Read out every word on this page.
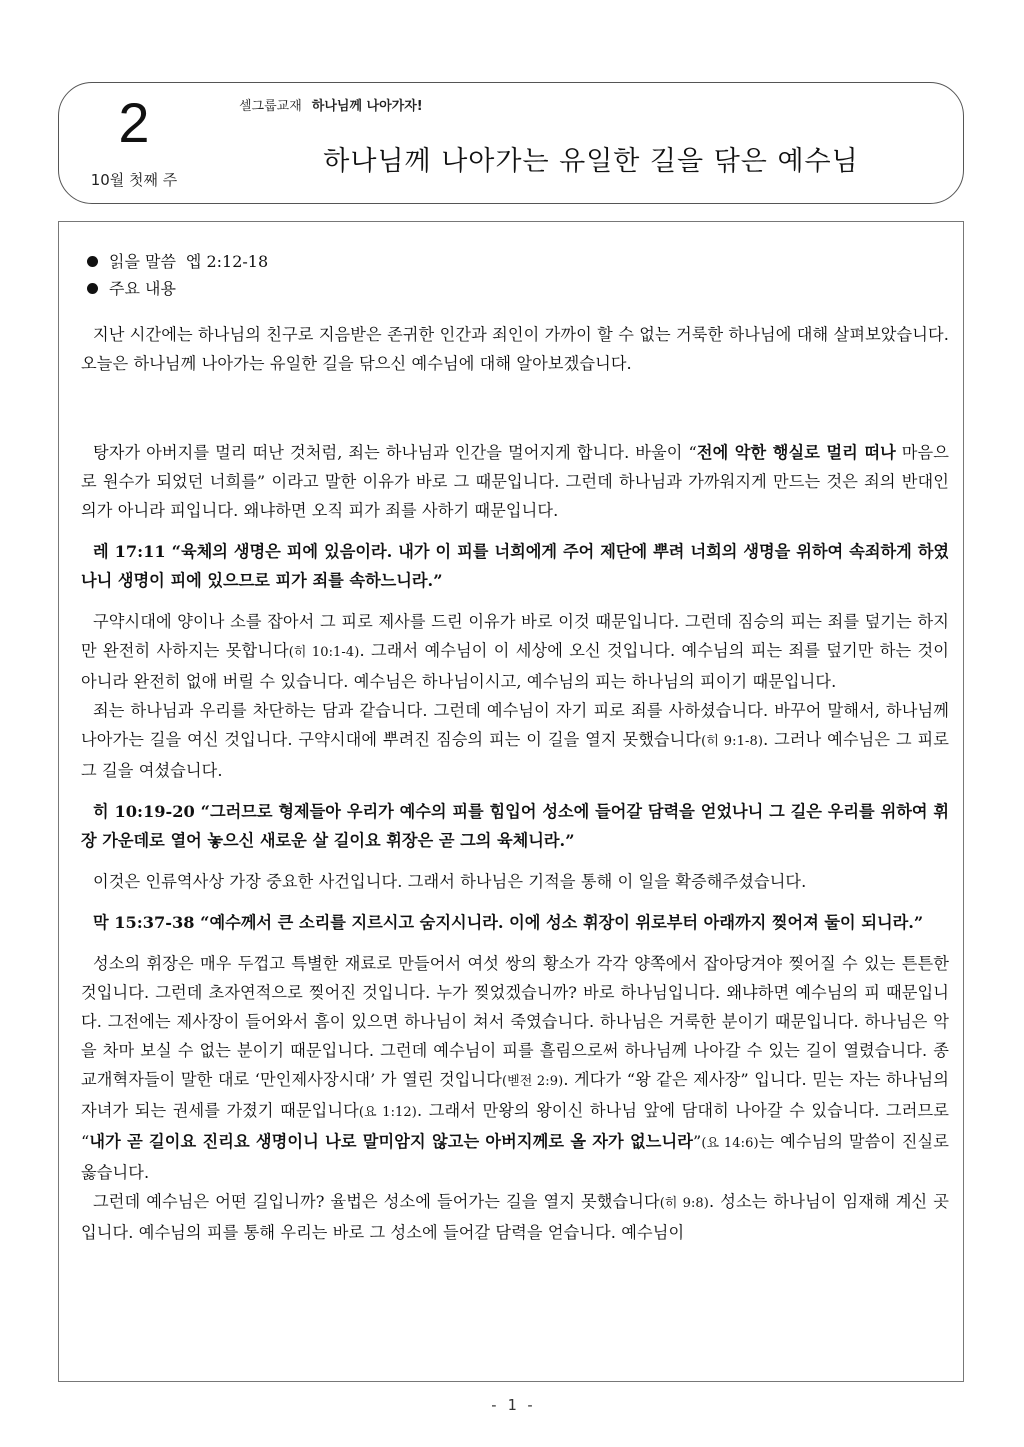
2
10월 첫째 주
셀그룹교재 하나님께 나아가자!
하나님께 나아가는 유일한 길을 닦은 예수님
읽을 말씀 엡 2:12-18
주요 내용

지난 시간에는 하나님의 친구로 지음받은 존귀한 인간과 죄인이 가까이 할 수 없는 거룩한 하나님에 대해 살펴보았습니다. 오늘은 하나님께 나아가는 유일한 길을 닦으신 예수님에 대해 알아보겠습니다.

탕자가 아버지를 멀리 떠난 것처럼, 죄는 하나님과 인간을 멀어지게 합니다. 바울이 “전에 악한 행실로 멀리 떠나 마음으로 원수가 되었던 너희를” 이라고 말한 이유가 바로 그 때문입니다. 그런데 하나님과 가까워지게 만드는 것은 죄의 반대인 의가 아니라 피입니다. 왜냐하면 오직 피가 죄를 사하기 때문입니다.

레 17:11 “육체의 생명은 피에 있음이라. 내가 이 피를 너희에게 주어 제단에 뿌려 너희의 생명을 위하여 속죄하게 하였나니 생명이 피에 있으므로 피가 죄를 속하느니라.”

구약시대에 양이나 소를 잡아서 그 피로 제사를 드린 이유가 바로 이것 때문입니다. 그런데 짐승의 피는 죄를 덮기는 하지만 완전히 사하지는 못합니다(히 10:1-4). 그래서 예수님이 이 세상에 오신 것입니다. 예수님의 피는 죄를 덮기만 하는 것이 아니라 완전히 없애 버릴 수 있습니다. 예수님은 하나님이시고, 예수님의 피는 하나님의 피이기 때문입니다.

죄는 하나님과 우리를 차단하는 담과 같습니다. 그런데 예수님이 자기 피로 죄를 사하셨습니다. 바꾸어 말해서, 하나님께 나아가는 길을 여신 것입니다. 구약시대에 뿌려진 짐승의 피는 이 길을 열지 못했습니다(히 9:1-8). 그러나 예수님은 그 피로 그 길을 여셨습니다.

히 10:19-20 “그러므로 형제들아 우리가 예수의 피를 힘입어 성소에 들어갈 담력을 얻었나니 그 길은 우리를 위하여 휘장 가운데로 열어 놓으신 새로운 살 길이요 휘장은 곧 그의 육체니라.”

이것은 인류역사상 가장 중요한 사건입니다. 그래서 하나님은 기적을 통해 이 일을 확증해주셨습니다.

막 15:37-38 “예수께서 큰 소리를 지르시고 숨지시니라. 이에 성소 휘장이 위로부터 아래까지 찢어져 둘이 되니라.”

성소의 휘장은 매우 두껍고 특별한 재료로 만들어서 여섯 쌍의 황소가 각각 양쪽에서 잡아당겨야 찢어질 수 있는 튼튼한 것입니다. 그런데 초자연적으로 찢어진 것입니다. 누가 찢었겠습니까? 바로 하나님입니다. 왜냐하면 예수님의 피 때문입니다. 그전에는 제사장이 들어와서 흠이 있으면 하나님이 쳐서 죽였습니다. 하나님은 거룩한 분이기 때문입니다. 하나님은 악을 차마 보실 수 없는 분이기 때문입니다. 그런데 예수님이 피를 흘림으로써 하나님께 나아갈 수 있는 길이 열렸습니다. 종교개혁자들이 말한 대로 ‘만인제사장시대’ 가 열린 것입니다(벧전 2:9). 게다가 “왕 같은 제사장” 입니다. 믿는 자는 하나님의 자녀가 되는 권세를 가졌기 때문입니다(요 1:12). 그래서 만왕의 왕이신 하나님 앞에 담대히 나아갈 수 있습니다. 그러므로 “내가 곧 길이요 진리요 생명이니 나로 말미암지 않고는 아버지께로 올 자가 없느니라”(요 14:6)는 예수님의 말씀이 진실로 옳습니다.

그런데 예수님은 어떤 길입니까? 율법은 성소에 들어가는 길을 열지 못했습니다(히 9:8). 성소는 하나님이 임재해 계신 곳입니다. 예수님의 피를 통해 우리는 바로 그 성소에 들어갈 담력을 얻습니다. 예수님이

- 1 -
